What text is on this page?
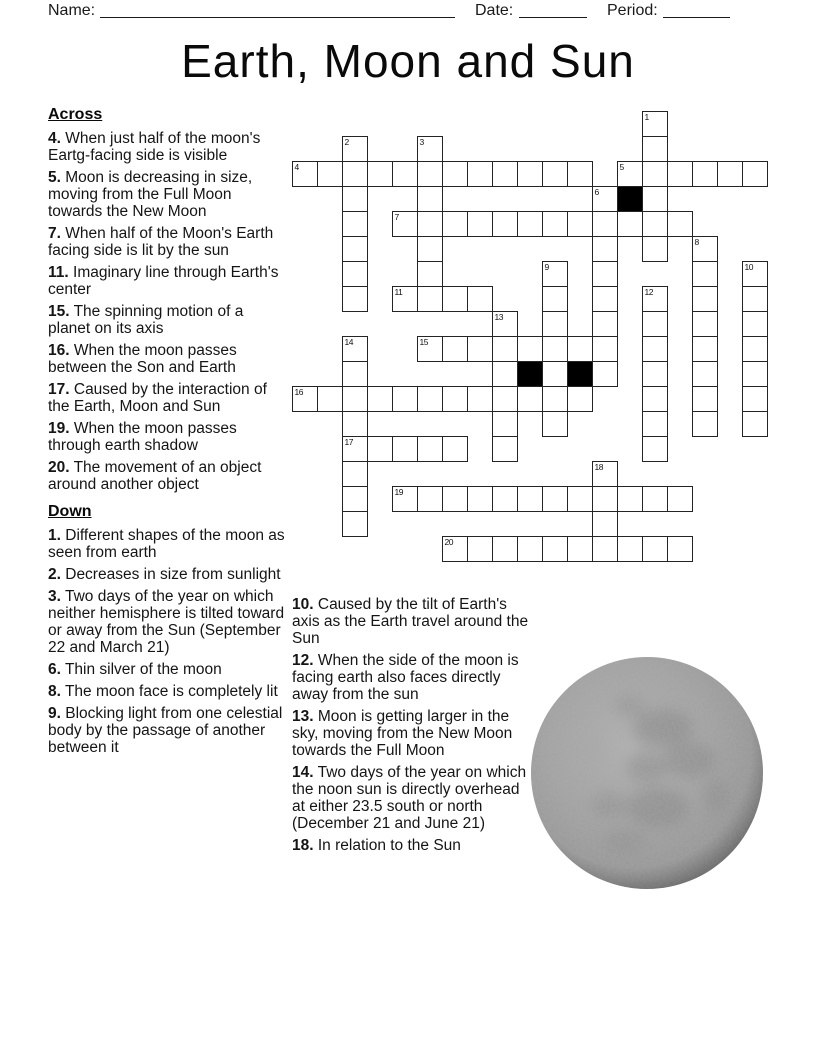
Name:	Date:	Period:
Earth, Moon and Sun
Across
4. When just half of the moon's Eartg-facing side is visible
5. Moon is decreasing in size, moving from the Full Moon towards the New Moon
7. When half of the Moon's Earth facing side is lit by the sun
11. Imaginary line through Earth's center
15. The spinning motion of a planet on its axis
16. When the moon passes between the Son and Earth
17. Caused by the interaction of the Earth, Moon and Sun
19. When the moon passes through earth shadow
20. The movement of an object around another object
Down
1. Different shapes of the moon as seen from earth
2. Decreases in size from sunlight
3. Two days of the year on which neither hemisphere is tilted toward or away from the Sun (September 22 and March 21)
6. Thin silver of the moon
8. The moon face is completely lit
9. Blocking light from one celestial body by the passage of another between it
10. Caused by the tilt of Earth's axis as the Earth travel around the Sun
12. When the side of the moon is facing earth also faces directly away from the sun
13. Moon is getting larger in the sky, moving from the New Moon towards the Full Moon
14. Two days of the year on which the noon sun is directly overhead at either 23.5 south or north (December 21 and June 21)
18. In relation to the Sun
1
2	3
4	5
6
7
8
9	10
11	12
13
14
17
15
16
18
19
20
